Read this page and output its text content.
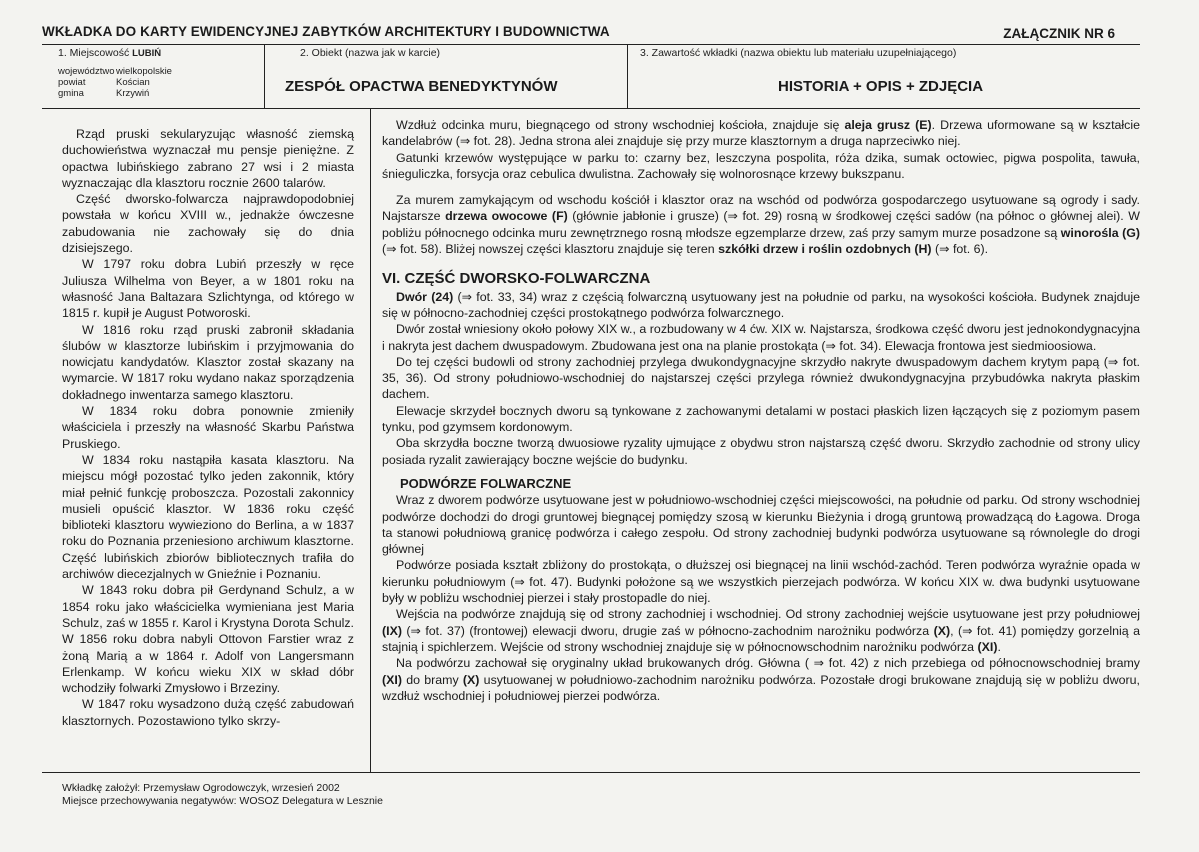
WKŁADKA DO KARTY EWIDENCYJNEJ ZABYTKÓW ARCHITEKTURY I BUDOWNICTWA	ZAŁĄCZNIK NR 6
1. Miejscowość LUBIŃ
województwo wielkopolskie
powiat	Kościan
gmina	Krzywiń
2. Obiekt (nazwa jak w karcie)
ZESPÓŁ OPACTWA BENEDYKTYNÓW
3. Zawartość wkładki (nazwa obiektu lub materiału uzupełniającego)
HISTORIA + OPIS + ZDJĘCIA

Rząd pruski sekularyzując własność ziemską duchowieństwa wyznaczał mu pensje pieniężne. Z opactwa lubińskiego zabrano 27 wsi i 2 miasta wyznaczając dla klasztoru rocznie 2600 talarów.

Część dworsko-folwarcza najprawdopodobniej powstała w końcu XVIII w., jednakże ówczesne zabudowania nie zachowały się do dnia dzisiejszego.

W 1797 roku dobra Lubiń przeszły w ręce Juliusza Wilhelma von Beyer, a w 1801 roku na własność Jana Baltazara Szlichtynga, od którego w 1815 r. kupił je August Potworoski.

W 1816 roku rząd pruski zabronił składania ślubów w klasztorze lubińskim i przyjmowania do nowicjatu kandydatów. Klasztor został skazany na wymarcie. W 1817 roku wydano nakaz sporządzenia dokładnego inwentarza samego klasztoru.

W 1834 roku dobra ponownie zmieniły właściciela i przeszły na własność Skarbu Państwa Pruskiego.

W 1834 roku nastąpiła kasata klasztoru. Na miejscu mógł pozostać tylko jeden zakonnik, który miał pełnić funkcję proboszcza. Pozostali zakonnicy musieli opuścić klasztor. W 1836 roku część biblioteki klasztoru wywieziono do Berlina, a w 1837 roku do Poznania przeniesiono archiwum klasztorne. Część lubińskich zbiorów bibliotecznych trafiła do archiwów diecezjalnych w Gnieźnie i Poznaniu.

W 1843 roku dobra pił Gerdynand Schulz, a w 1854 roku jako właścicielka wymieniana jest Maria Schulz, zaś w 1855 r. Karol i Krystyna Dorota Schulz. W 1856 roku dobra nabyli Ottovon Farstier wraz z żoną Marią a w 1864 r. Adolf von Langersmann Erlenkamp. W końcu wieku XIX w skład dóbr wchodziły folwarki Zmysłowo i Brzeziny.

W 1847 roku wysadzono dużą część zabudowań klasztornych. Pozostawiono tylko skrzy-

Wzdłuż odcinka muru, biegnącego od strony wschodniej kościoła, znajduje się aleja grusz (E). Drzewa uformowane są w kształcie kandelabrów (⇒ fot. 28). Jedna strona alei znajduje się przy murze klasztornym a druga naprzeciwko niej.

Gatunki krzewów występujące w parku to: czarny bez, leszczyna pospolita, róża dzika, sumak octowiec, pigwa pospolita, tawuła, śnieguliczka, forsycja oraz cebulica dwulistna. Zachowały się wolnorosnące krzewy bukszpanu.

Za murem zamykającym od wschodu kościół i klasztor oraz na wschód od podwórza gospodarczego usytuowane są ogrody i sady. Najstarsze drzewa owocowe (F) (głównie jabłonie i grusze) (⇒ fot. 29) rosną w środkowej części sadów (na północ o głównej alei). W pobliżu północnego odcinka muru zewnętrznego rosną młodsze egzemplarze drzew, zaś przy samym murze posadzone są winorośla (G) (⇒ fot. 58). Bliżej nowszej części klasztoru znajduje się teren szkółki drzew i roślin ozdobnych (H) (⇒ fot. 6).

VI. CZĘŚĆ DWORSKO-FOLWARCZNA

Dwór (24) (⇒ fot. 33, 34) wraz z częścią folwarczną usytuowany jest na południe od parku, na wysokości kościoła. Budynek znajduje się w północno-zachodniej części prostokątnego podwórza folwarcznego.

Dwór został wniesiony około połowy XIX w., a rozbudowany w 4 ćw. XIX w. Najstarsza, środkowa część dworu jest jednokondygnacyjna i nakryta jest dachem dwuspadowym. Zbudowana jest ona na planie prostokąta (⇒ fot. 34). Elewacja frontowa jest siedmioosiowa.

Do tej części budowli od strony zachodniej przylega dwukondygnacyjne skrzydło nakryte dwuspadowym dachem krytym papą (⇒ fot. 35, 36). Od strony południowo-wschodniej do najstarszej części przylega również dwukondygnacyjna przybudówka nakryta płaskim dachem.

Elewacje skrzydeł bocznych dworu są tynkowane z zachowanymi detalami w postaci płaskich lizen łączących się z poziomym pasem tynku, pod gzymsem kordonowym.

Oba skrzydła boczne tworzą dwuosiowe ryzality ujmujące z obydwu stron najstarszą część dworu. Skrzydło zachodnie od strony ulicy posiada ryzalit zawierający boczne wejście do budynku.

PODWÓRZE FOLWARCZNE

Wraz z dworem podwórze usytuowane jest w południowo-wschodniej części miejscowości, na południe od parku. Od strony wschodniej podwórze dochodzi do drogi gruntowej biegnącej pomiędzy szosą w kierunku Bieżynia i drogą gruntową prowadzącą do Łagowa. Droga ta stanowi południową granicę podwórza i całego zespołu. Od strony zachodniej budynki podwórza usytuowane są równolegle do drogi głównej

Podwórze posiada kształt zbliżony do prostokąta, o dłuższej osi biegnącej na linii wschód-zachód. Teren podwórza wyraźnie opada w kierunku południowym (⇒ fot. 47). Budynki położone są we wszystkich pierzejach podwórza. W końcu XIX w. dwa budynki usytuowane były w pobliżu wschodniej pierzei i stały prostopadle do niej.

Wejścia na podwórze znajdują się od strony zachodniej i wschodniej. Od strony zachodniej wejście usytuowane jest przy południowej (IX) (⇒ fot. 37) (frontowej) elewacji dworu, drugie zaś w północno-zachodnim narożniku podwórza (X), (⇒ fot. 41) pomiędzy gorzelnią a stajnią i spichlerzem. Wejście od strony wschodniej znajduje się w północnowschodnim narożniku podwórza (XI).

Na podwórzu zachował się oryginalny układ brukowanych dróg. Główna ( ⇒ fot. 42) z nich przebiega od północnowschodniej bramy (XI) do bramy (X) usytuowanej w południowo-zachodnim narożniku podwórza. Pozostałe drogi brukowane znajdują się w pobliżu dworu, wzdłuż wschodniej i południowej pierzei podwórza.

Wkładkę założył: Przemysław Ogrodowczyk, wrzesień 2002
Miejsce przechowywania negatywów: WOSOZ Delegatura w Lesznie
